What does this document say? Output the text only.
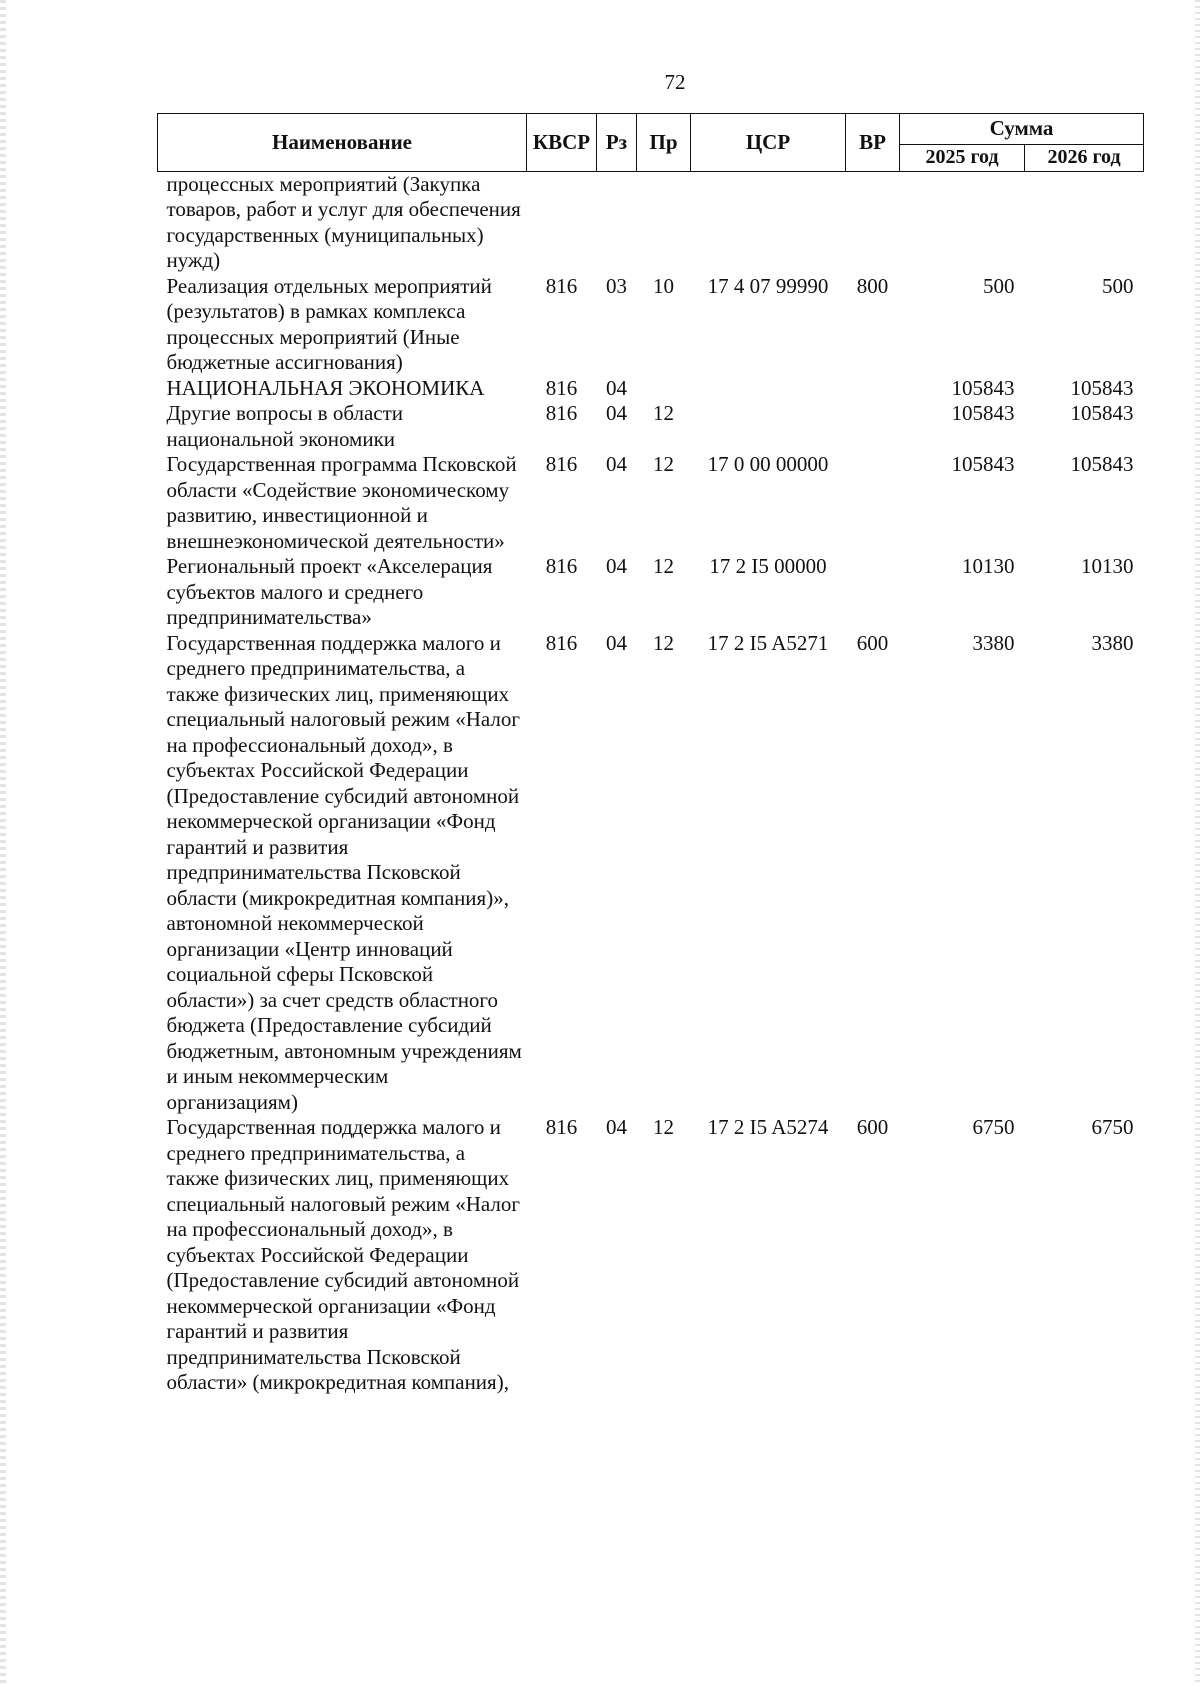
72
Наименование	КВСР	Рз	Пр	ЦСР	ВР	Сумма	
						2025 год	2026 год
процессных мероприятий (Закупка товаров, работ и услуг для обеспечения государственных (муниципальных) нужд)							
Реализация отдельных мероприятий (результатов) в рамках комплекса процессных мероприятий (Иные бюджетные ассигнования)	816	03	10	17 4 07 99990	800	500	500
НАЦИОНАЛЬНАЯ ЭКОНОМИКА	816	04				105843	105843
Другие вопросы в области национальной экономики	816	04	12			105843	105843
Государственная программа Псковской области «Содействие экономическому развитию, инвестиционной и внешнеэкономической деятельности»	816	04	12	17 0 00 00000		105843	105843
Региональный проект «Акселерация субъектов малого и среднего предпринимательства»	816	04	12	17 2 I5 00000		10130	10130
Государственная поддержка малого и среднего предпринимательства, а также физических лиц, применяющих специальный налоговый режим «Налог на профессиональный доход», в субъектах Российской Федерации (Предоставление субсидий автономной некоммерческой организации «Фонд гарантий и развития предпринимательства Псковской области (микрокредитная компания)», автономной некоммерческой организации «Центр инноваций социальной сферы Псковской области») за счет средств областного бюджета (Предоставление субсидий бюджетным, автономным учреждениям и иным некоммерческим организациям)	816	04	12	17 2 I5 A5271	600	3380	3380
Государственная поддержка малого и среднего предпринимательства, а также физических лиц, применяющих специальный налоговый режим «Налог на профессиональный доход», в субъектах Российской Федерации (Предоставление субсидий автономной некоммерческой организации «Фонд гарантий и развития предпринимательства Псковской области» (микрокредитная компания),	816	04	12	17 2 I5 A5274	600	6750	6750
